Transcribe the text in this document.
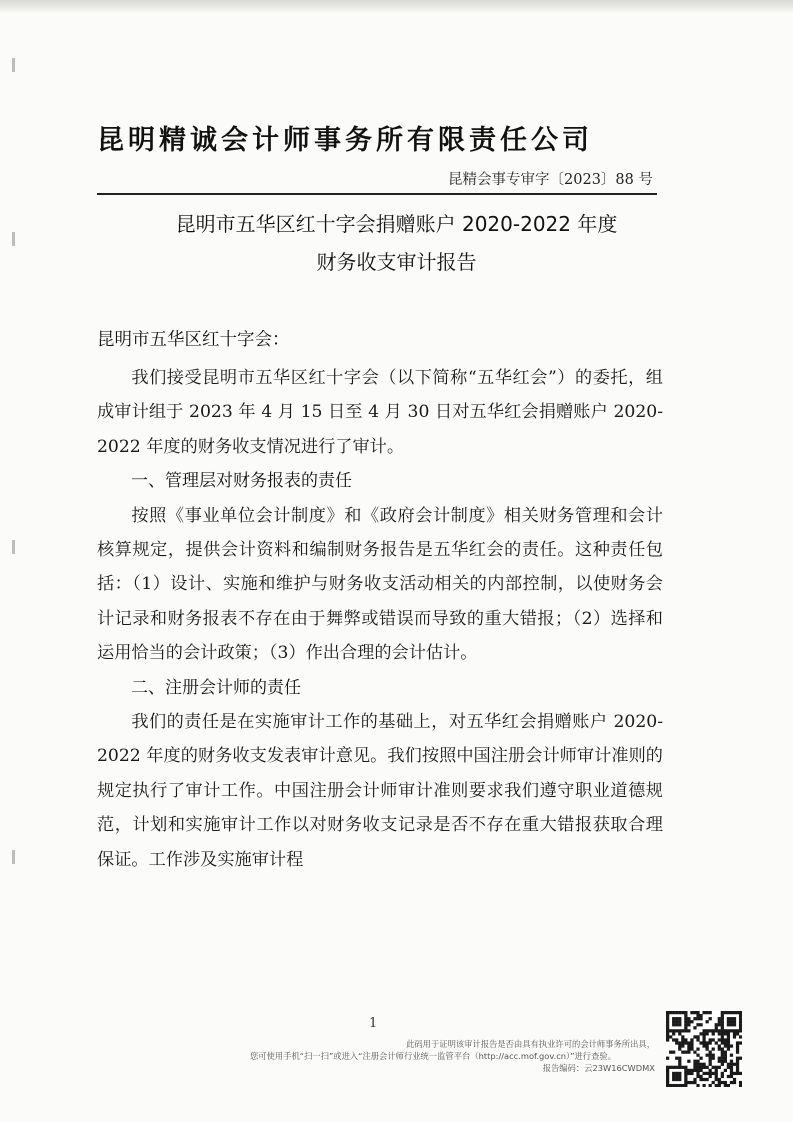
昆明精诚会计师事务所有限责任公司
昆精会事专审字〔2023〕88 号
昆明市五华区红十字会捐赠账户 2020-2022 年度
财务收支审计报告
昆明市五华区红十字会：

我们接受昆明市五华区红十字会（以下简称“五华红会”）的委托，组成审计组于 2023 年 4 月 15 日至 4 月 30 日对五华红会捐赠账户 2020-2022 年度的财务收支情况进行了审计。

一、管理层对财务报表的责任

按照《事业单位会计制度》和《政府会计制度》相关财务管理和会计核算规定，提供会计资料和编制财务报告是五华红会的责任。这种责任包括：（1）设计、实施和维护与财务收支活动相关的内部控制，以使财务会计记录和财务报表不存在由于舞弊或错误而导致的重大错报；（2）选择和运用恰当的会计政策；（3）作出合理的会计估计。

二、注册会计师的责任

我们的责任是在实施审计工作的基础上，对五华红会捐赠账户 2020-2022 年度的财务收支发表审计意见。我们按照中国注册会计师审计准则的规定执行了审计工作。中国注册会计师审计准则要求我们遵守职业道德规范，计划和实施审计工作以对财务收支记录是否不存在重大错报获取合理保证。工作涉及实施审计程

1
此码用于证明该审计报告是否由具有执业许可的会计师事务所出具，
您可使用手机“扫一扫”或进入“注册会计师行业统一监管平台（http://acc.mof.gov.cn）”进行查验。
报告编码：云23W16CWDMX
